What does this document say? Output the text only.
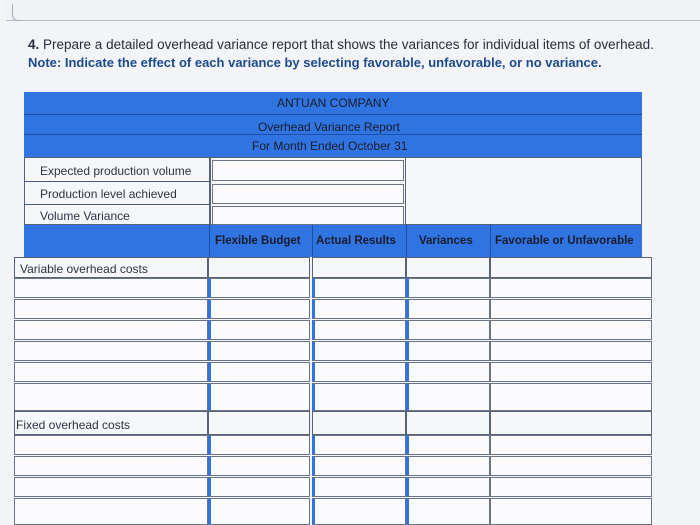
4. Prepare a detailed overhead variance report that shows the variances for individual items of overhead.
Note: Indicate the effect of each variance by selecting favorable, unfavorable, or no variance.
ANTUAN COMPANY
Overhead Variance Report
For Month Ended October 31
Expected production volume
Production level achieved
Volume Variance
Flexible Budget Actual Results Variances Favorable or Unfavorable
Variable overhead costs
Fixed overhead costs
